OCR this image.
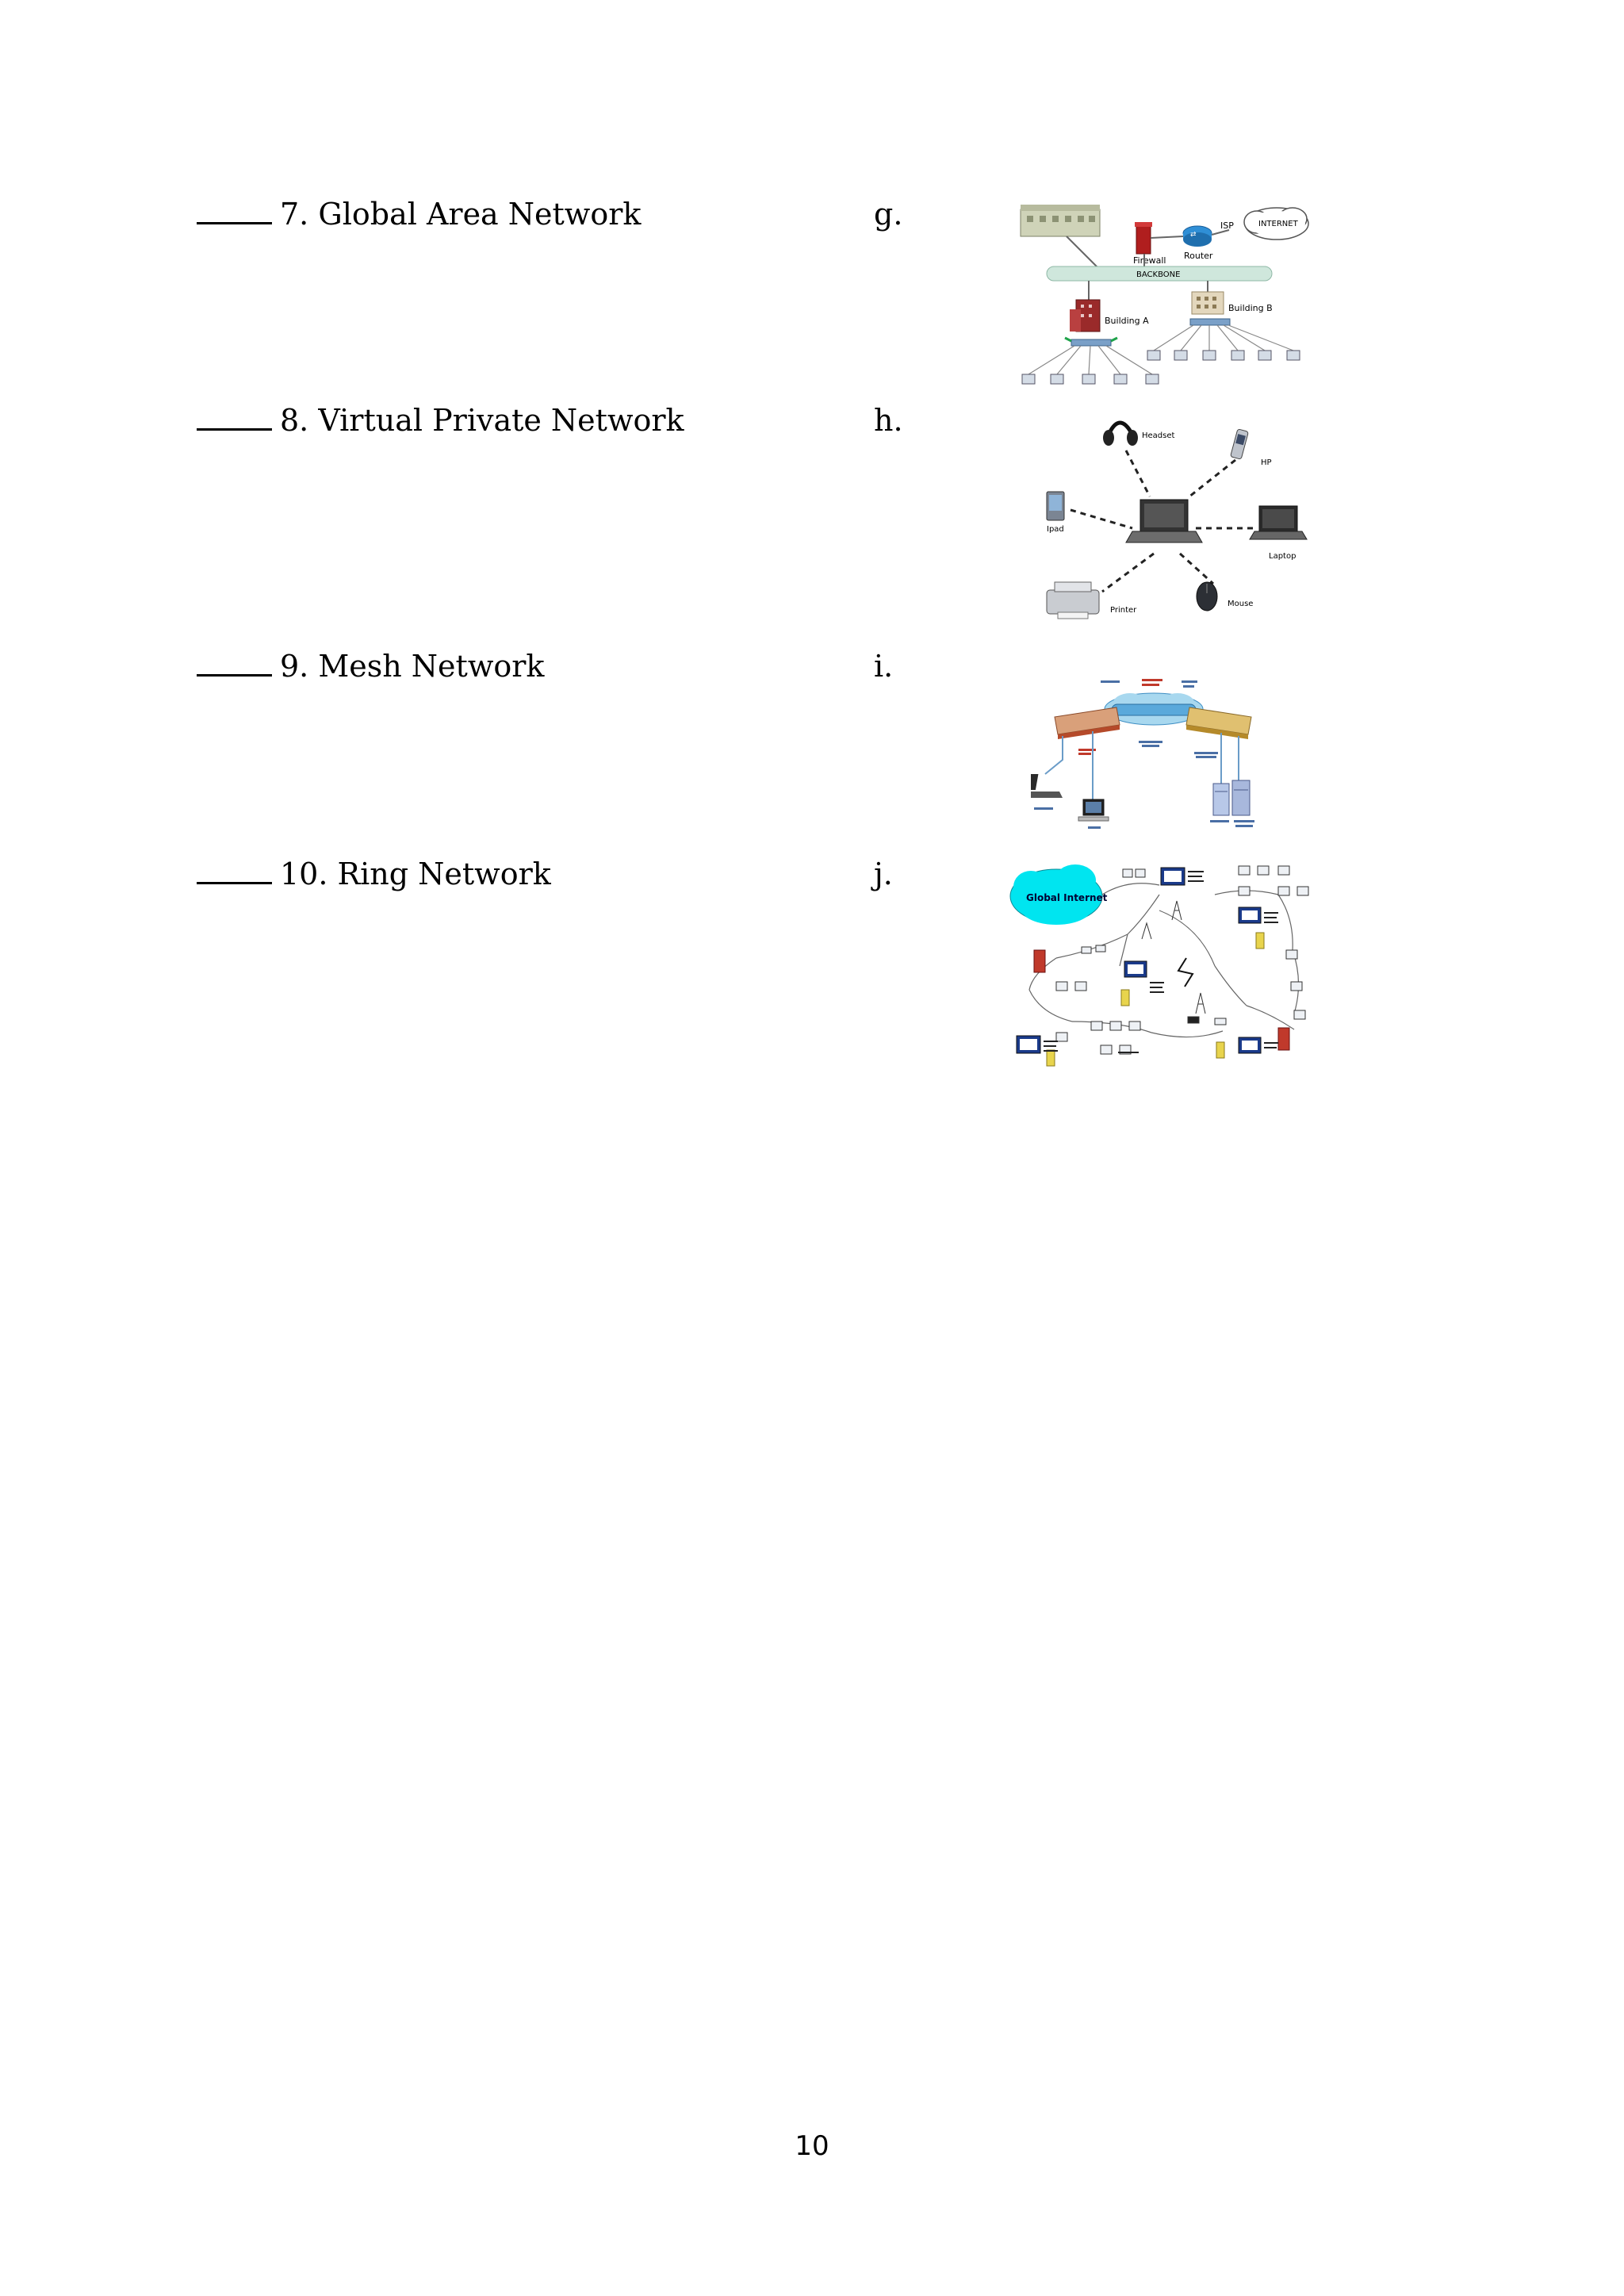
7. Global Area Network	g.
8. Virtual Private Network	h.
9. Mesh Network	i.
10. Ring Network	j.
Firewall
⇄
Router
ISP	INTERNET
BACKBONE
Building A
Building B
Headset
HP
Ipad
Laptop
Printer
Mouse
Global Internet
10
